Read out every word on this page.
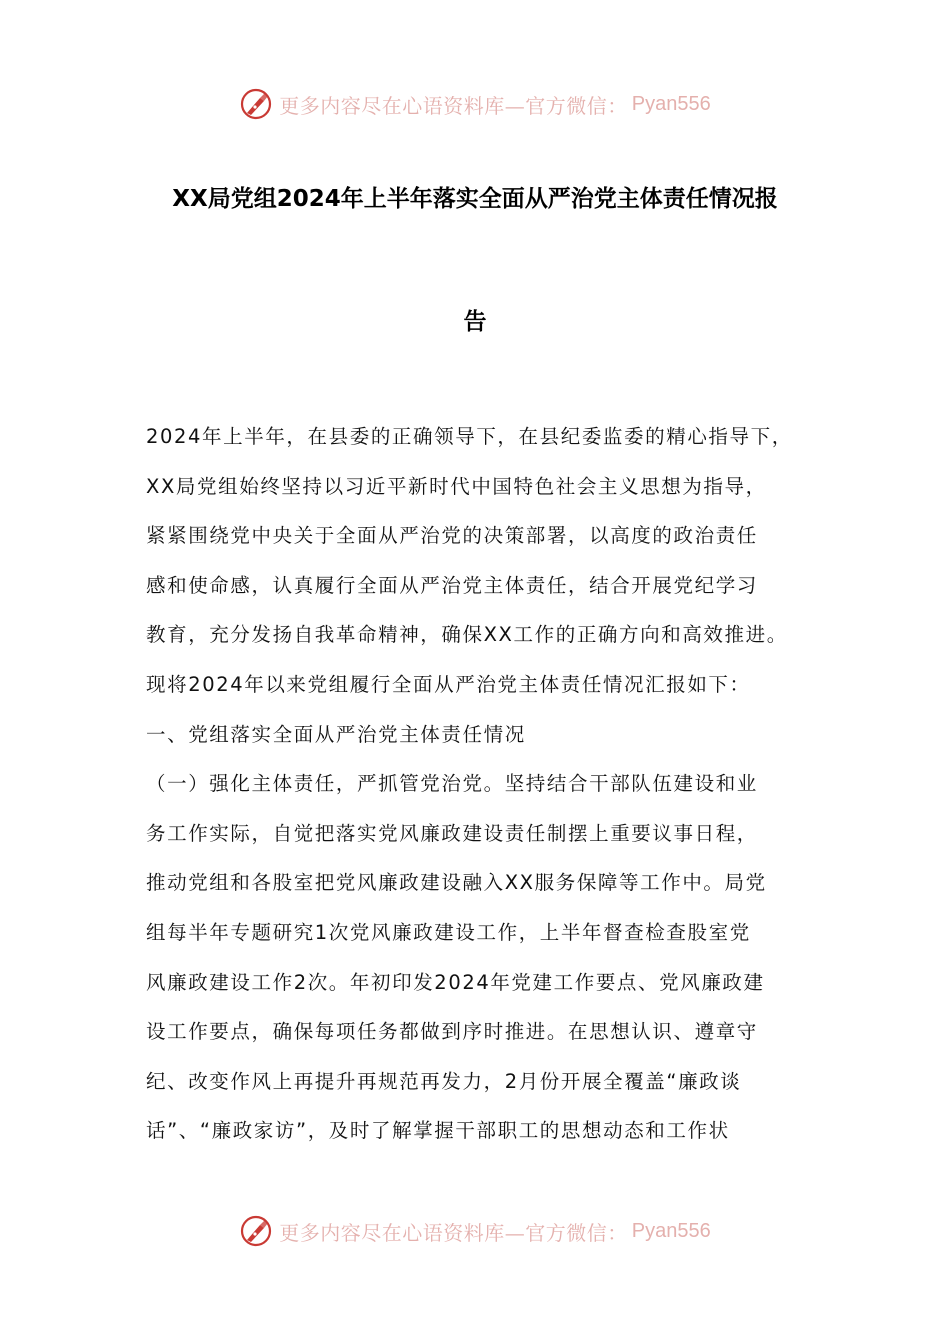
更多内容尽在心语资料库—官方微信： Pyan556
XX局党组2024年上半年落实全面从严治党主体责任情况报
告
2024年上半年，在县委的正确领导下，在县纪委监委的精心指导下，
XX局党组始终坚持以习近平新时代中国特色社会主义思想为指导，
紧紧围绕党中央关于全面从严治党的决策部署，以高度的政治责任
感和使命感，认真履行全面从严治党主体责任，结合开展党纪学习
教育，充分发扬自我革命精神，确保XX工作的正确方向和高效推进。
现将2024年以来党组履行全面从严治党主体责任情况汇报如下：
一、党组落实全面从严治党主体责任情况
（一）强化主体责任，严抓管党治党。坚持结合干部队伍建设和业
务工作实际，自觉把落实党风廉政建设责任制摆上重要议事日程，
推动党组和各股室把党风廉政建设融入XX服务保障等工作中。局党
组每半年专题研究1次党风廉政建设工作，上半年督查检查股室党
风廉政建设工作2次。年初印发2024年党建工作要点、党风廉政建
设工作要点，确保每项任务都做到序时推进。在思想认识、遵章守
纪、改变作风上再提升再规范再发力，2月份开展全覆盖“廉政谈
话”、“廉政家访”，及时了解掌握干部职工的思想动态和工作状
更多内容尽在心语资料库—官方微信： Pyan556
